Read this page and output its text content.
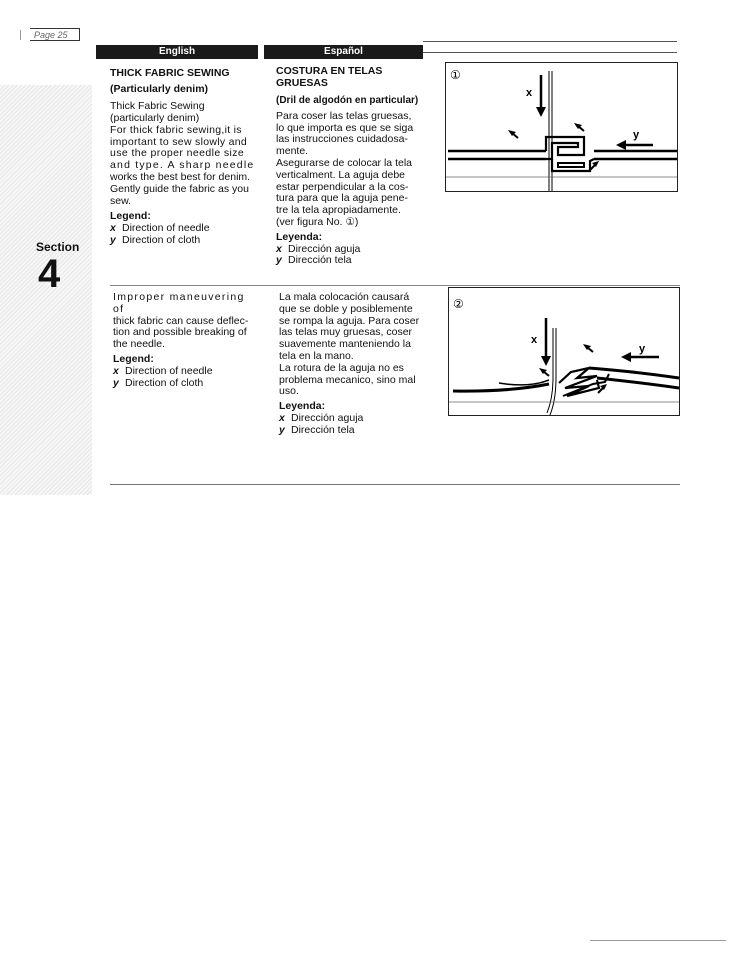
Page 25
Section
4
English	Español
THICK FABRIC SEWING
(Particularly denim)

Thick Fabric Sewing

(particularly denim)

For thick fabric sewing,it is

important to sew slowly and

use the proper needle size

and type. A sharp needle

works the best best for denim.

Gently guide the fabric as you

sew.

Legend:
x Direction of needle
y Direction of cloth
COSTURA EN TELAS
GRUESAS
(Dril de algodón en particular)

Para coser las telas gruesas,

lo que importa es que se siga

las instrucciones cuidadosa-

mente.

Asegurarse de colocar la tela

verticalment. La aguja debe

estar perpendicular a la cos-

tura para que la aguja pene-

tre la tela apropiadamente.

(ver figura No. ①)

Leyenda:
x Dirección aguja
y Dirección tela
①
x
y

Improper maneuvering of

thick fabric can cause deflec-

tion and possible breaking of

the needle.

Legend:
x Direction of needle
y Direction of cloth

La mala colocación causará

que se doble y posiblemente

se rompa la aguja. Para coser

las telas muy gruesas, coser

suavemente manteniendo la

tela en la mano.

La rotura de la aguja no es

problema mecanico, sino mal

uso.

Leyenda:
x Dirección aguja
y Dirección tela
②
x
y
